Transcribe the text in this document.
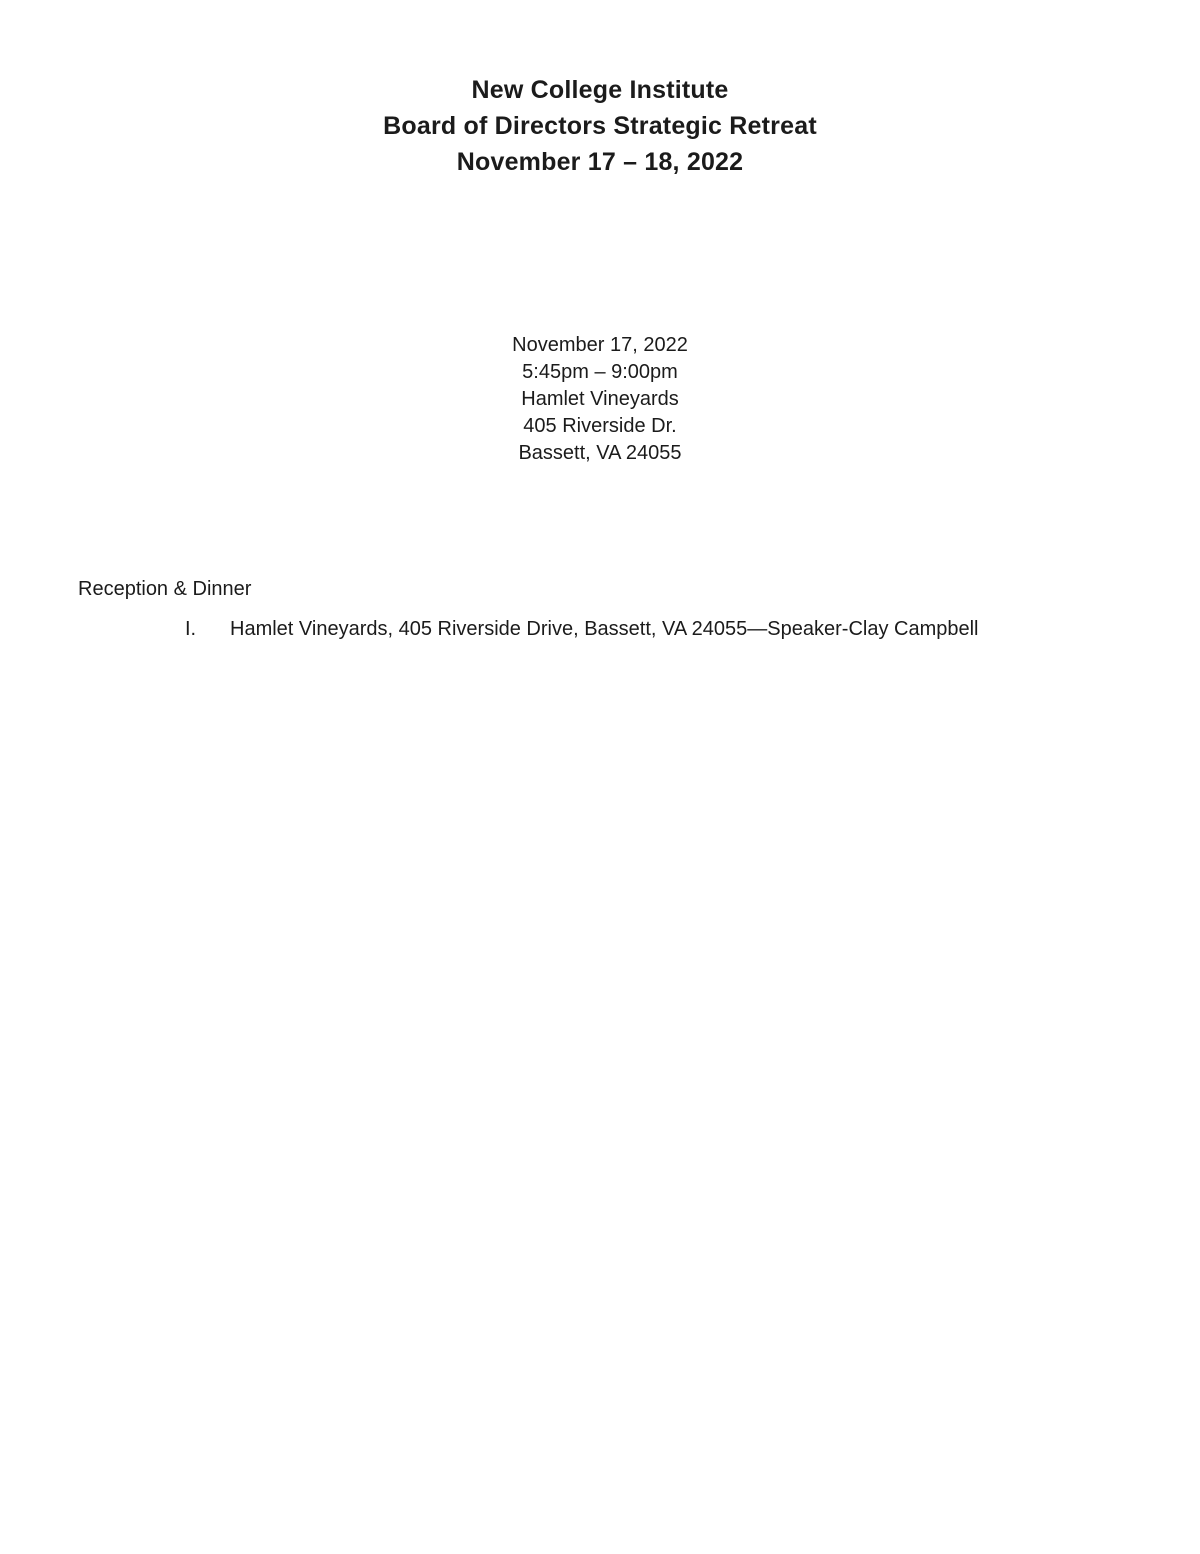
New College Institute
Board of Directors Strategic Retreat
November 17 – 18, 2022
November 17, 2022
5:45pm – 9:00pm
Hamlet Vineyards
405 Riverside Dr.
Bassett, VA 24055
Reception & Dinner
I.	Hamlet Vineyards, 405 Riverside Drive, Bassett, VA 24055—Speaker-Clay Campbell
